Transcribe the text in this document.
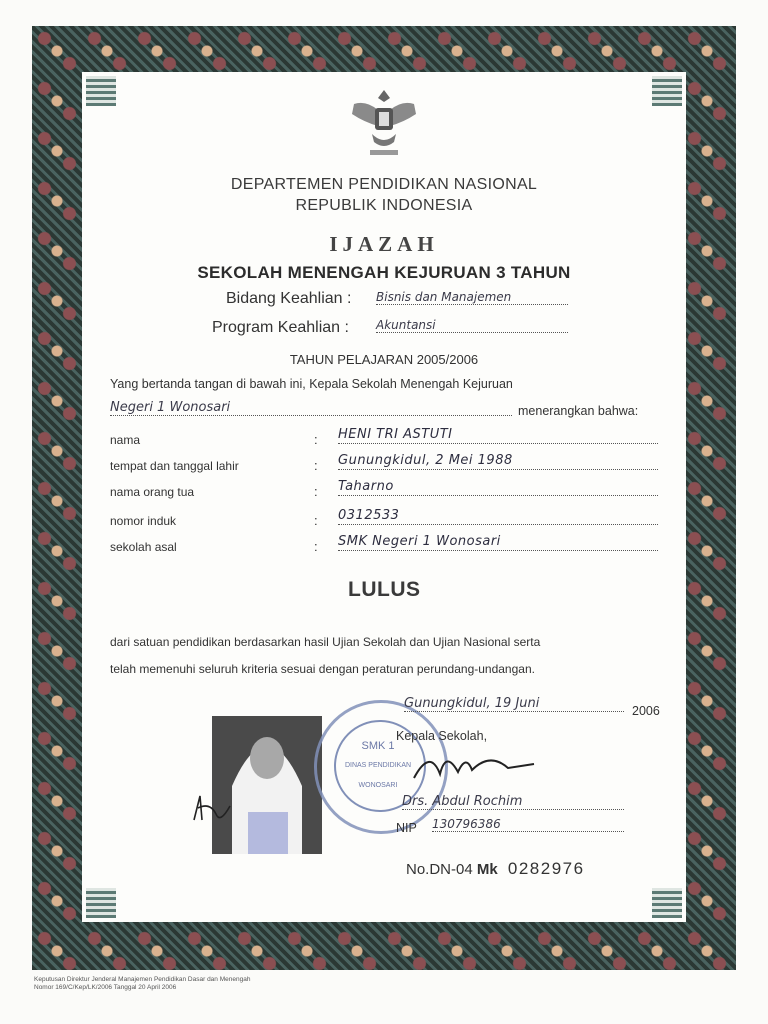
DEPARTEMEN PENDIDIKAN NASIONAL
REPUBLIK INDONESIA
IJAZAH
SEKOLAH MENENGAH KEJURUAN 3 TAHUN
Bidang Keahlian : Bisnis dan Manajemen
Program Keahlian : Akuntansi
TAHUN PELAJARAN 2005/2006
Yang bertanda tangan di bawah ini, Kepala Sekolah Menengah Kejuruan
Negeri 1 Wonosari	menerangkan bahwa:
nama	: HENI TRI ASTUTI
tempat dan tanggal lahir	: Gunungkidul, 2 Mei 1988
nama orang tua	: Taharno
nomor induk	: 0312533
sekolah asal	: SMK Negeri 1 Wonosari
LULUS
dari satuan pendidikan berdasarkan hasil Ujian Sekolah dan Ujian Nasional serta
telah memenuhi seluruh kriteria sesuai dengan peraturan perundang-undangan.
SMK 1
DINAS PENDIDIKAN
WONOSARI
Gunungkidul, 19 Juni	2006
Kepala Sekolah,
Drs. Abdul Rochim
NIP 130796386
No.DN-04 Mk 0282976
Keputusan Direktur Jenderal Manajemen Pendidikan Dasar dan Menengah
Nomor 169/C/Kep/LK/2006 Tanggal 20 April 2006
